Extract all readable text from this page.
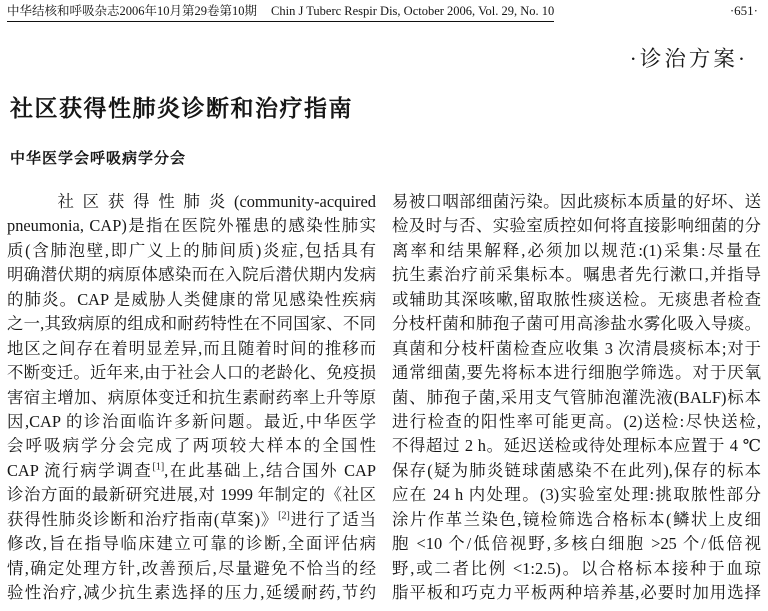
中华结核和呼吸杂志2006年10月第29卷第10期 Chin J Tuberc Respir Dis, October 2006, Vol. 29, No. 10	·651·
·诊治方案·
社区获得性肺炎诊断和治疗指南
中华医学会呼吸病学分会
　　社区获得性肺炎(community-acquired
pneumonia, CAP)是指在医院外罹患的感染性肺实
质(含肺泡壁,即广义上的肺间质)炎症,包括具有
明确潜伏期的病原体感染而在入院后潜伏期内发病
的肺炎。CAP 是威胁人类健康的常见感染性疾病
之一,其致病原的组成和耐药特性在不同国家、不同
地区之间存在着明显差异,而且随着时间的推移而
不断变迁。近年来,由于社会人口的老龄化、免疫损
害宿主增加、病原体变迁和抗生素耐药率上升等原
因,CAP 的诊治面临许多新问题。最近,中华医学
会呼吸病学分会完成了两项较大样本的全国性
CAP 流行病学调查[1],在此基础上,结合国外 CAP
诊治方面的最新研究进展,对 1999 年制定的《社区
获得性肺炎诊断和治疗指南(草案)》[2]进行了适当
修改,旨在指导临床建立可靠的诊断,全面评估病
情,确定处理方针,改善预后,尽量避免不恰当的经
验性治疗,减少抗生素选择的压力,延缓耐药,节约
易被口咽部细菌污染。因此痰标本质量的好坏、送
检及时与否、实验室质控如何将直接影响细菌的分
离率和结果解释,必须加以规范:(1)采集:尽量在
抗生素治疗前采集标本。嘱患者先行漱口,并指导
或辅助其深咳嗽,留取脓性痰送检。无痰患者检查
分枝杆菌和肺孢子菌可用高渗盐水雾化吸入导痰。
真菌和分枝杆菌检查应收集 3 次清晨痰标本;对于
通常细菌,要先将标本进行细胞学筛选。对于厌氧
菌、肺孢子菌,采用支气管肺泡灌洗液(BALF)标本
进行检查的阳性率可能更高。(2)送检:尽快送检,
不得超过 2 h。延迟送检或待处理标本应置于 4 ℃
保存(疑为肺炎链球菌感染不在此列),保存的标本
应在 24 h 内处理。(3)实验室处理:挑取脓性部分
涂片作革兰染色,镜检筛选合格标本(鳞状上皮细
胞 <10 个/低倍视野,多核白细胞 >25 个/低倍视
野,或二者比例 <1:2.5)。以合格标本接种于血琼
脂平板和巧克力平板两种培养基,必要时加用选择
